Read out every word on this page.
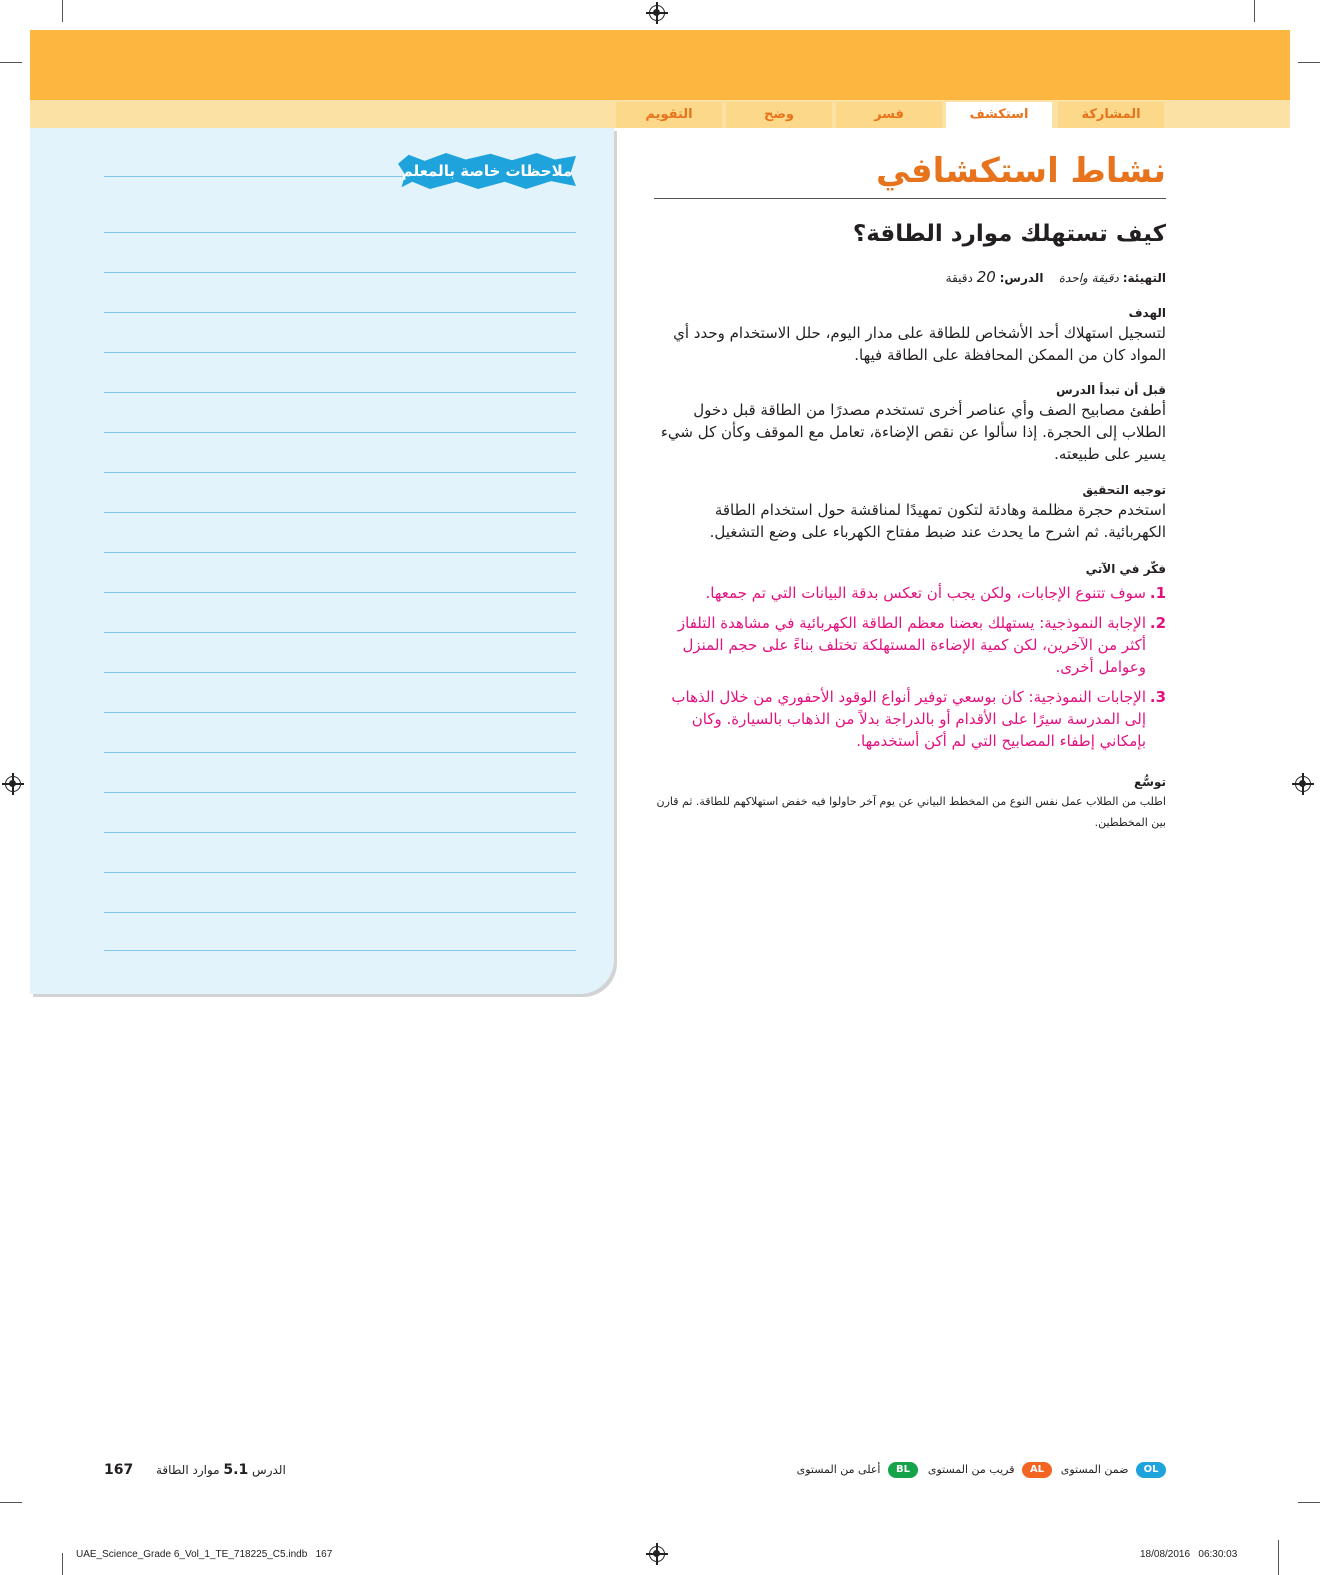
المشاركة
استكشف
فسر
وضح
التقويم
ملاحظات خاصة بالمعلم	نشاط استكشافي
كيف تستهلك موارد الطاقة؟
التهيئة: دقيقة واحدة    الدرس: 20 دقيقة
الهدف
لتسجيل استهلاك أحد الأشخاص للطاقة على مدار اليوم، حلل الاستخدام وحدد أي المواد كان من الممكن المحافظة على الطاقة فيها.
قبل أن تبدأ الدرس
أطفئ مصابيح الصف وأي عناصر أخرى تستخدم مصدرًا من الطاقة قبل دخول الطلاب إلى الحجرة. إذا سألوا عن نقص الإضاءة، تعامل مع الموقف وكأن كل شيء يسير على طبيعته.
توجيه التحقيق
استخدم حجرة مظلمة وهادئة لتكون تمهيدًا لمناقشة حول استخدام الطاقة الكهربائية. ثم اشرح ما يحدث عند ضبط مفتاح الكهرباء على وضع التشغيل.
فكّر في الآتي
1.
سوف تتنوع الإجابات، ولكن يجب أن تعكس بدقة البيانات التي تم جمعها.
2.
الإجابة النموذجية: يستهلك بعضنا معظم الطاقة الكهربائية في مشاهدة التلفاز أكثر من الآخرين، لكن كمية الإضاءة المستهلكة تختلف بناءً على حجم المنزل وعوامل أخرى.
3.
الإجابات النموذجية: كان بوسعي توفير أنواع الوقود الأحفوري من خلال الذهاب إلى المدرسة سيرًا على الأقدام أو بالدراجة بدلاً من الذهاب بالسيارة. وكان بإمكاني إطفاء المصابيح التي لم أكن أستخدمها.
توسُّع
اطلب من الطلاب عمل نفس النوع من المخطط البياني عن يوم آخر حاولوا فيه خفض استهلاكهم للطاقة. ثم قارن بين المخططين.
167	الدرس 5.1 موارد الطاقة	OL ضمن المستوى
AL قريب من المستوى
BL أعلى من المستوى
UAE_Science_Grade 6_Vol_1_TE_718225_C5.indb   167	18/08/2016   06:30:03
